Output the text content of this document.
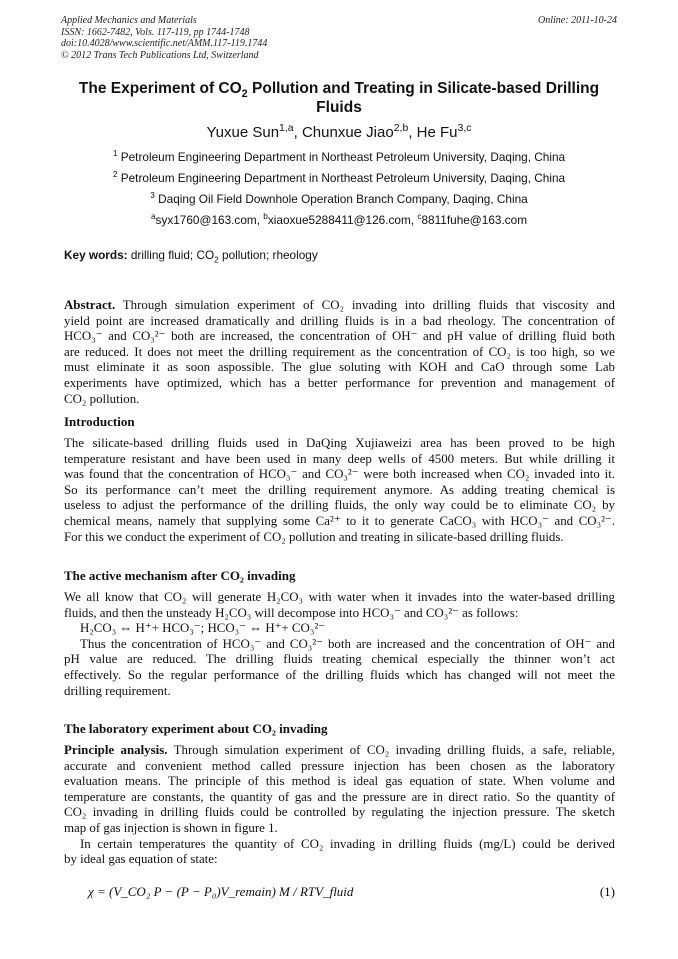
Applied Mechanics and Materials
ISSN: 1662-7482, Vols. 117-119, pp 1744-1748
doi:10.4028/www.scientific.net/AMM.117-119.1744
© 2012 Trans Tech Publications Ltd, Switzerland
Online: 2011-10-24
The Experiment of $CO_2$ Pollution and Treating in Silicate-based Drilling
Fluids
Yuxue Sun$^{1,a}$, Chunxue Jiao$^{2,b}$, He Fu$^{3,c}$
$^1$ Petroleum Engineering Department in Northeast Petroleum University, Daqing, China
$^2$ Petroleum Engineering Department in Northeast Petroleum University, Daqing, China
$^3$ Daqing Oil Field Downhole Operation Branch Company, Daqing, China
$^a$syx1760@163.com, $^b$xiaoxue5288411@126.com, $^c$8811fuhe@163.com
Key words: drilling fluid; $CO_2$ pollution; rheology
Abstract. Through simulation experiment of CO₂ invading into drilling fluids that viscosity and
yield point are increased dramatically and drilling fluids is in a bad rheology. The concentration of
HCO₃⁻ and CO₃²⁻ both are increased, the concentration of OH⁻ and pH value of drilling fluid both
are reduced. It does not meet the drilling requirement as the concentration of CO₂ is too high, so we
must eliminate it as soon aspossible. The glue soluting with KOH and CaO through some Lab
experiments have optimized, which has a better performance for prevention and management of
CO₂ pollution.
Introduction
The silicate-based drilling fluids used in DaQing Xujiaweizi area has been proved to be high
temperature resistant and have been used in many deep wells of 4500 meters. But while drilling it
was found that the concentration of HCO₃⁻ and CO₃²⁻ were both increased when CO₂ invaded into it.
So its performance can’t meet the drilling requirement anymore. As adding treating chemical is
useless to adjust the performance of the drilling fluids, the only way could be to eliminate CO₂ by
chemical means, namely that supplying some Ca²⁺ to it to generate CaCO₃ with HCO₃⁻ and CO₃²⁻.
For this we conduct the experiment of CO₂ pollution and treating in silicate-based drilling fluids.
The active mechanism after CO₂ invading
We all know that CO₂ will generate H₂CO₃ with water when it invades into the water-based drilling
fluids, and then the unsteady H₂CO₃ will decompose into HCO₃⁻ and CO₃²⁻ as follows:
H₂CO₃ ⇔ H⁺+ HCO₃⁻; HCO₃⁻ ⇔ H⁺+ CO₃²⁻
Thus the concentration of HCO₃⁻ and CO₃²⁻ both are increased and the concentration of OH⁻ and
pH value are reduced. The drilling fluids treating chemical especially the thinner won’t act
effectively. So the regular performance of the drilling fluids which has changed will not meet the
drilling requirement.
The laboratory experiment about CO₂ invading
Principle analysis. Through simulation experiment of CO₂ invading drilling fluids, a safe, reliable,
accurate and convenient method called pressure injection has been chosen as the laboratory
evaluation means. The principle of this method is ideal gas equation of state. When volume and
temperature are constants, the quantity of gas and the pressure are in direct ratio. So the quantity of
CO₂ invading in drilling fluids could be controlled by regulating the injection pressure. The sketch
map of gas injection is shown in figure 1.
In certain temperatures the quantity of CO₂ invading in drilling fluids (mg/L) could be derived
by ideal gas equation of state:
χ = (V_CO₂ P − (P − P₀)V_remain) M / RTV_fluid	(1)
